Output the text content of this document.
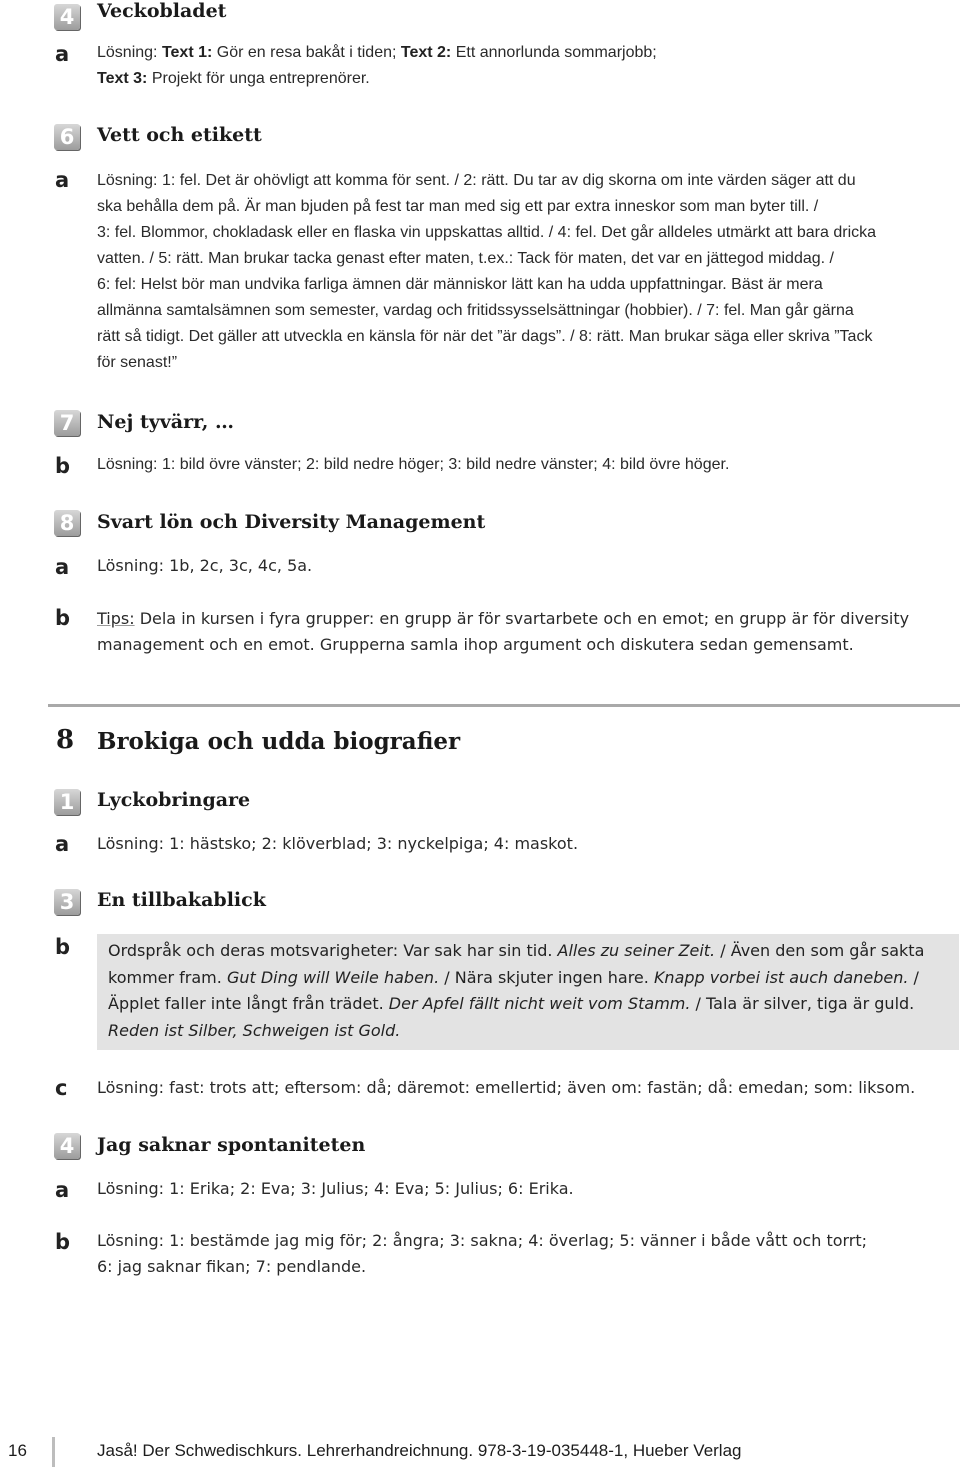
4 Veckobladet
a	Lösning: Text 1: Gör en resa bakåt i tiden; Text 2: Ett annorlunda sommarjobb;
Text 3: Projekt för unga entreprenörer.
6 Vett och etikett
a	Lösning: 1: fel. Det är ohövligt att komma för sent. / 2: rätt. Du tar av dig skorna om inte värden säger att du
ska behålla dem på. Är man bjuden på fest tar man med sig ett par extra inneskor som man byter till. /
3: fel. Blommor, chokladask eller en flaska vin uppskattas alltid. / 4: fel. Det går alldeles utmärkt att bara dricka
vatten. / 5: rätt. Man brukar tacka genast efter maten, t.ex.: Tack för maten, det var en jättegod middag. /
6: fel: Helst bör man undvika farliga ämnen där människor lätt kan ha udda uppfattningar. Bäst är mera
allmänna samtalsämnen som semester, vardag och fritidssysselsättningar (hobbier). / 7: fel. Man går gärna
rätt så tidigt. Det gäller att utveckla en känsla för när det ”är dags”. / 8: rätt. Man brukar säga eller skriva ”Tack
för senast!”
7 Nej tyvärr, …
b	Lösning: 1: bild övre vänster; 2: bild nedre höger; 3: bild nedre vänster; 4: bild övre höger.
8 Svart lön och Diversity Management
a	Lösning: 1b, 2c, 3c, 4c, 5a.
b	Tips: Dela in kursen i fyra grupper: en grupp är för svartarbete och en emot; en grupp är för diversity
management och en emot. Grupperna samla ihop argument och diskutera sedan gemensamt.
8 Brokiga och udda biografier
1 Lyckobringare
a	Lösning: 1: hästsko; 2: klöverblad; 3: nyckelpiga; 4: maskot.
3 En tillbakablick
b	Ordspråk och deras motsvarigheter: Var sak har sin tid. Alles zu seiner Zeit. / Även den som går sakta kommer fram. Gut Ding will Weile haben. / Nära skjuter ingen hare. Knapp vorbei ist auch daneben. / Äpplet faller inte långt från trädet. Der Apfel fällt nicht weit vom Stamm. / Tala är silver, tiga är guld. Reden ist Silber, Schweigen ist Gold.
c	Lösning: fast: trots att; eftersom: då; däremot: emellertid; även om: fastän; då: emedan; som: liksom.
4 Jag saknar spontaniteten
a	Lösning: 1: Erika; 2: Eva; 3: Julius; 4: Eva; 5: Julius; 6: Erika.
b	Lösning: 1: bestämde jag mig för; 2: ångra; 3: sakna; 4: överlag; 5: vänner i både vått och torrt;
6: jag saknar fikan; 7: pendlande.
16	Jaså! Der Schwedischkurs. Lehrerhandreichnung. 978-3-19-035448-1, Hueber Verlag
